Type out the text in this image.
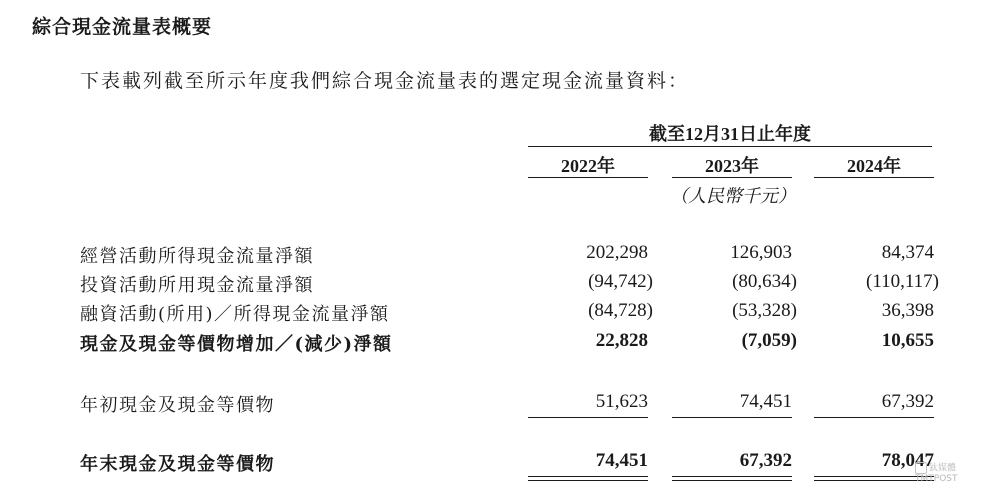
綜合現金流量表概要
下表載列截至所示年度我們綜合現金流量表的選定現金流量資料：
截至12月31日止年度
2022年	2023年	2024年
（人民幣千元）
經營活動所得現金流量淨額	202,298	126,903	84,374
投資活動所用現金流量淨額	(94,742)	(80,634)	(110,117)
融資活動(所用)／所得現金流量淨額	(84,728)	(53,328)	36,398
現金及現金等價物增加／(減少)淨額	22,828	(7,059)	10,655
年初現金及現金等價物	51,623	74,451	67,392
年末現金及現金等價物	74,451	67,392	78,047
鈦媒體
TMTPOST
